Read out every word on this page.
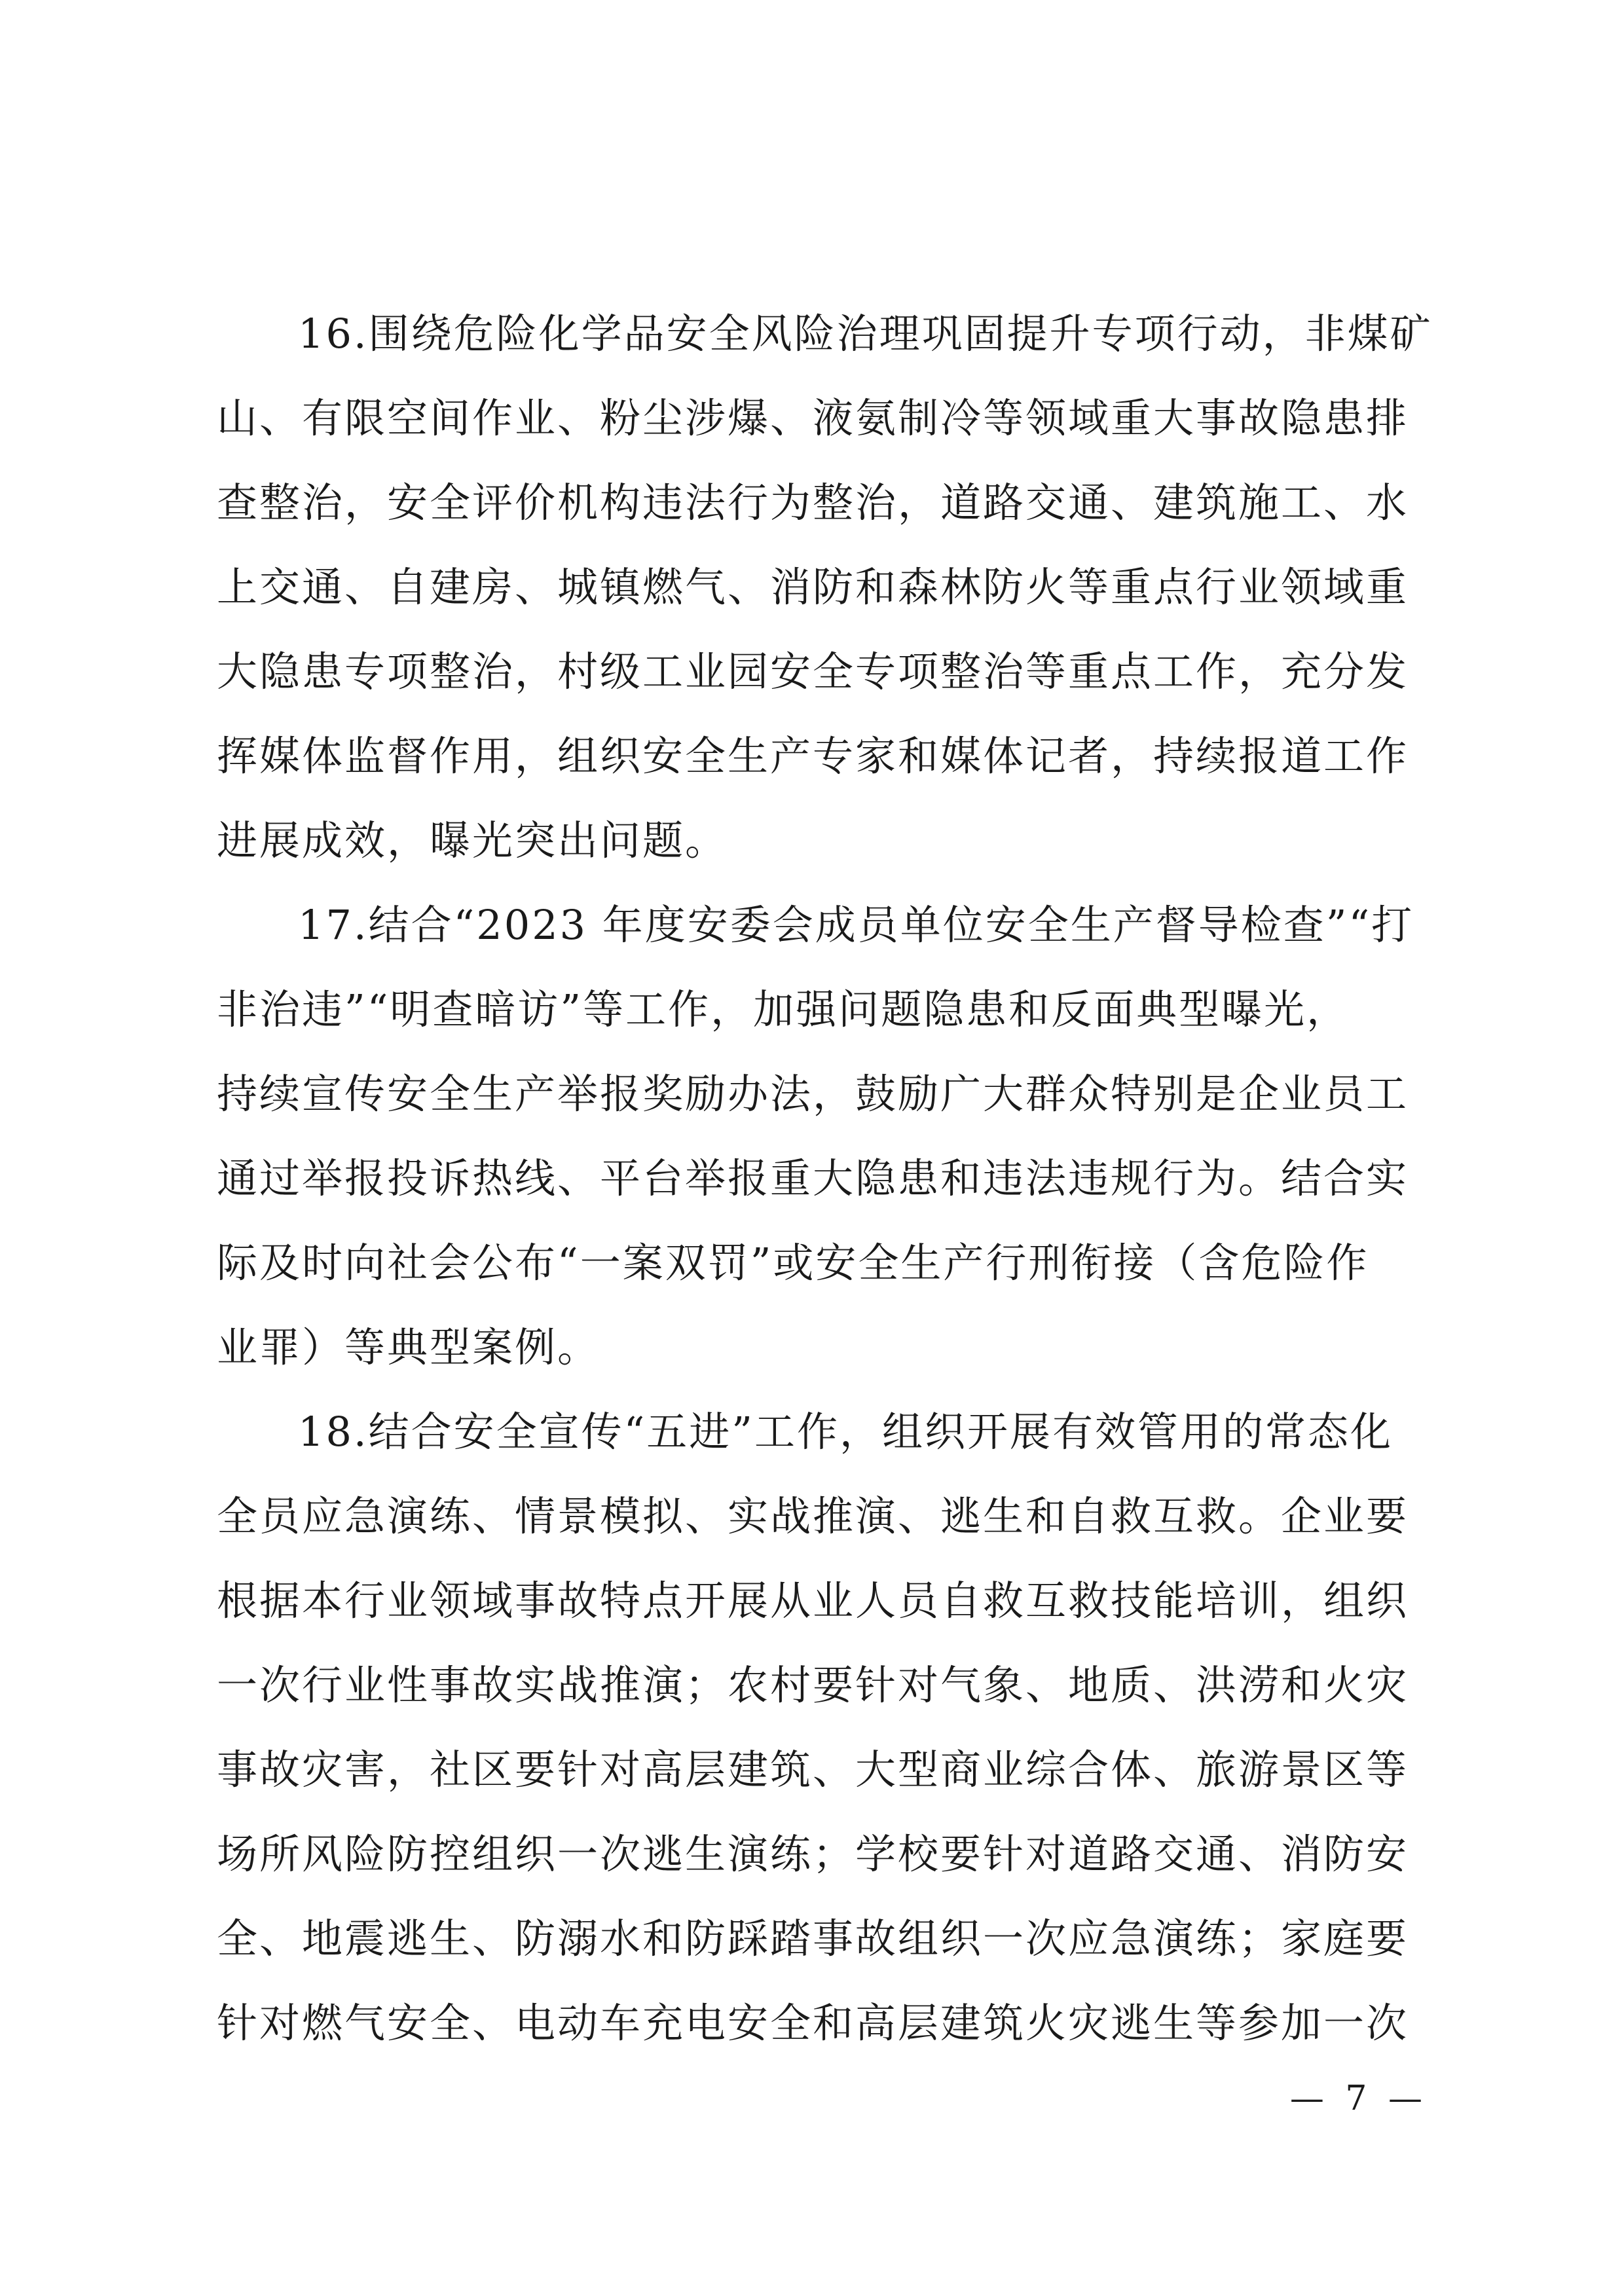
16.围绕危险化学品安全风险治理巩固提升专项行动，非煤矿
山、有限空间作业、粉尘涉爆、液氨制冷等领域重大事故隐患排
查整治，安全评价机构违法行为整治，道路交通、建筑施工、水
上交通、自建房、城镇燃气、消防和森林防火等重点行业领域重
大隐患专项整治，村级工业园安全专项整治等重点工作，充分发
挥媒体监督作用，组织安全生产专家和媒体记者，持续报道工作
进展成效，曝光突出问题。
17.结合“2023 年度安委会成员单位安全生产督导检查”“打
非治违”“明查暗访”等工作，加强问题隐患和反面典型曝光，
持续宣传安全生产举报奖励办法，鼓励广大群众特别是企业员工
通过举报投诉热线、平台举报重大隐患和违法违规行为。结合实
际及时向社会公布“一案双罚”或安全生产行刑衔接（含危险作
业罪）等典型案例。
18.结合安全宣传“五进”工作，组织开展有效管用的常态化
全员应急演练、情景模拟、实战推演、逃生和自救互救。企业要
根据本行业领域事故特点开展从业人员自救互救技能培训，组织
一次行业性事故实战推演；农村要针对气象、地质、洪涝和火灾
事故灾害，社区要针对高层建筑、大型商业综合体、旅游景区等
场所风险防控组织一次逃生演练；学校要针对道路交通、消防安
全、地震逃生、防溺水和防踩踏事故组织一次应急演练；家庭要
针对燃气安全、电动车充电安全和高层建筑火灾逃生等参加一次
— 7 —
